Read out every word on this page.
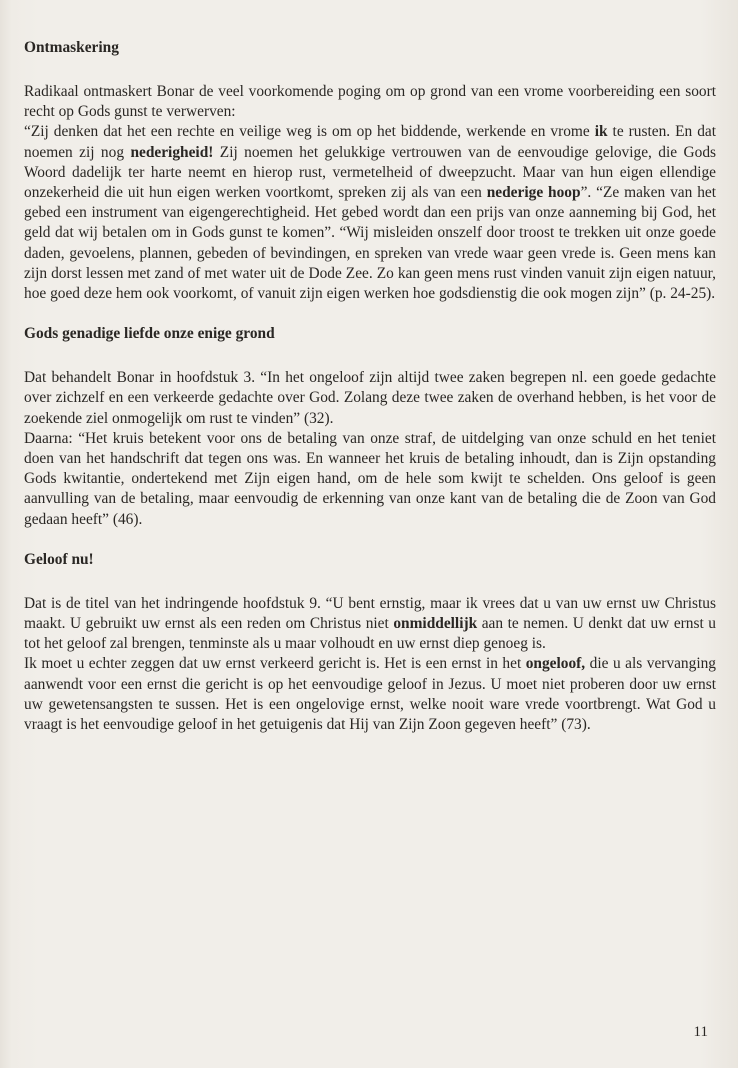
Ontmaskering

Radikaal ontmaskert Bonar de veel voorkomende poging om op grond van een vrome voorbereiding een soort recht op Gods gunst te verwerven:

“Zij denken dat het een rechte en veilige weg is om op het biddende, werkende en vrome ik te rusten. En dat noemen zij nog nederigheid! Zij noemen het gelukkige vertrouwen van de eenvoudige gelovige, die Gods Woord dadelijk ter harte neemt en hierop rust, vermetelheid of dweepzucht. Maar van hun eigen ellendige onzekerheid die uit hun eigen werken voortkomt, spreken zij als van een nederige hoop”. “Ze maken van het gebed een instrument van eigengerechtigheid. Het gebed wordt dan een prijs van onze aanneming bij God, het geld dat wij betalen om in Gods gunst te komen”. “Wij misleiden onszelf door troost te trekken uit onze goede daden, gevoelens, plannen, gebeden of bevindingen, en spreken van vrede waar geen vrede is. Geen mens kan zijn dorst lessen met zand of met water uit de Dode Zee. Zo kan geen mens rust vinden vanuit zijn eigen natuur, hoe goed deze hem ook voorkomt, of vanuit zijn eigen werken hoe godsdienstig die ook mogen zijn” (p. 24-25).

Gods genadige liefde onze enige grond

Dat behandelt Bonar in hoofdstuk 3. “In het ongeloof zijn altijd twee zaken begrepen nl. een goede gedachte over zichzelf en een verkeerde gedachte over God. Zolang deze twee zaken de overhand hebben, is het voor de zoekende ziel onmogelijk om rust te vinden” (32).

Daarna: “Het kruis betekent voor ons de betaling van onze straf, de uitdelging van onze schuld en het teniet doen van het handschrift dat tegen ons was. En wanneer het kruis de betaling inhoudt, dan is Zijn opstanding Gods kwitantie, ondertekend met Zijn eigen hand, om de hele som kwijt te schelden. Ons geloof is geen aanvulling van de betaling, maar eenvoudig de erkenning van onze kant van de betaling die de Zoon van God gedaan heeft” (46).

Geloof nu!

Dat is de titel van het indringende hoofdstuk 9. “U bent ernstig, maar ik vrees dat u van uw ernst uw Christus maakt. U gebruikt uw ernst als een reden om Christus niet onmiddellijk aan te nemen. U denkt dat uw ernst u tot het geloof zal brengen, tenminste als u maar volhoudt en uw ernst diep genoeg is.

Ik moet u echter zeggen dat uw ernst verkeerd gericht is. Het is een ernst in het ongeloof, die u als vervanging aanwendt voor een ernst die gericht is op het eenvoudige geloof in Jezus. U moet niet proberen door uw ernst uw gewetensangsten te sussen. Het is een ongelovige ernst, welke nooit ware vrede voortbrengt. Wat God u vraagt is het eenvoudige geloof in het getuigenis dat Hij van Zijn Zoon gegeven heeft” (73).

11
